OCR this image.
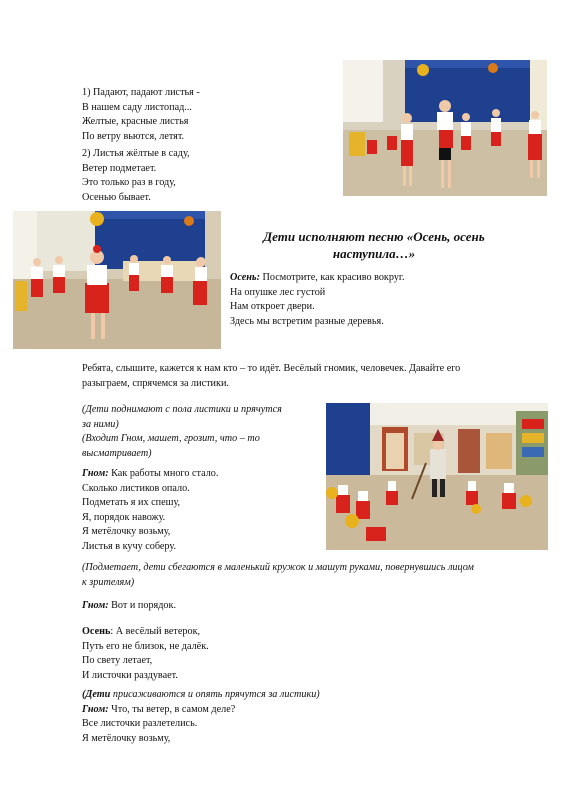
1) Падают, падают листья -
В нашем саду листопад...
Желтые, красные листья
По ветру вьются, летят.
2) Листья жёлтые в саду,
Ветер подметает.
Это только раз в году,
Осенью бывает.
Дети исполняют песню «Осень, осень
наступила…»
Осень: Посмотрите, как красиво вокруг.
На опушке лес густой
Нам откроет двери.
Здесь мы встретим разные деревья.
Ребята, слышите, кажется к нам кто – то идёт. Весёлый гномик, человечек. Давайте его
разыграем, спрячемся за листики.
(Дети поднимают с пола листики и прячутся
за ними)
(Входит Гном, машет, грозит, что – то
высматривает)
Гном: Как работы много стало.
Сколько листиков опало.
Подметать я их спешу,
Я, порядок навожу.
Я метёлочку возьму,
Листья в кучу соберу.
(Подметает, дети сбегаются в маленький кружок и машут руками, повернувшись лицом
к зрителям)
Гном: Вот и порядок.
Осень: А весёлый ветерок,
Путь его не близок, не далёк.
По свету летает,
И листочки раздувает.
(Дети присаживаются и опять прячутся за листики)
Гном: Что, ты ветер, в самом деле?
Все листочки разлетелись.
Я метёлочку возьму,
